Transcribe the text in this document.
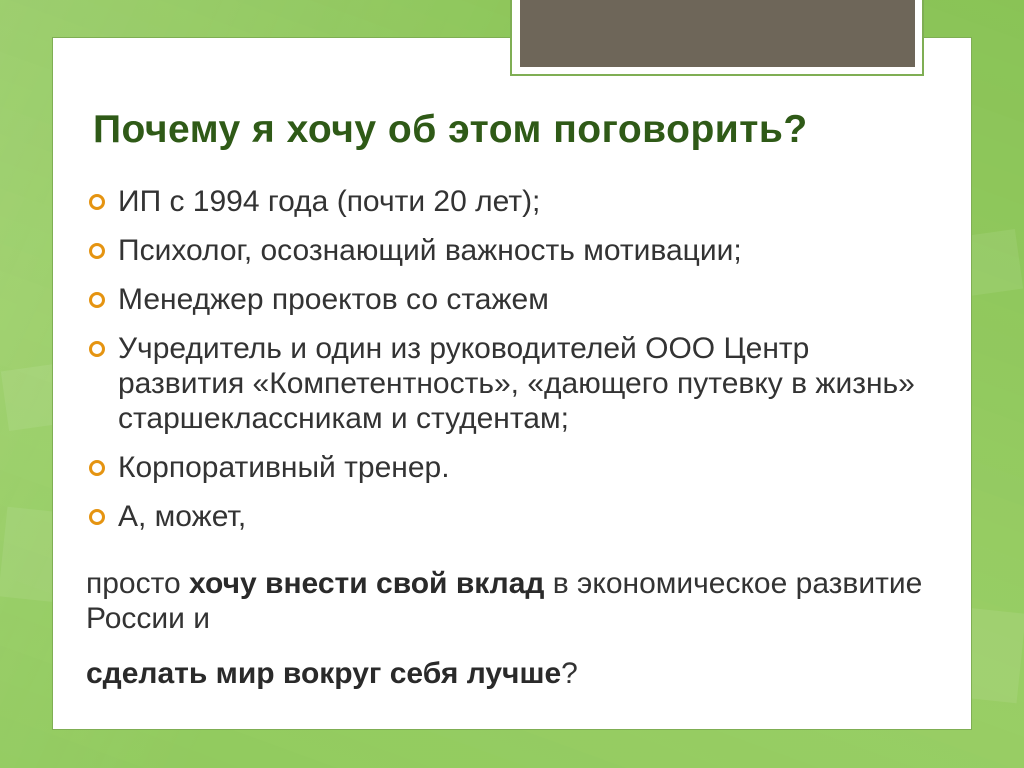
Почему я хочу об этом поговорить?
ИП с 1994 года (почти 20 лет);
Психолог, осознающий важность мотивации;
Менеджер проектов со стажем
Учредитель и один из руководителей ООО Центр развития «Компетентность», «дающего путевку в жизнь» старшеклассникам и студентам;
Корпоративный тренер.
А, может,

просто хочу внести свой вклад в экономическое развитие России и

сделать мир вокруг себя лучше?
